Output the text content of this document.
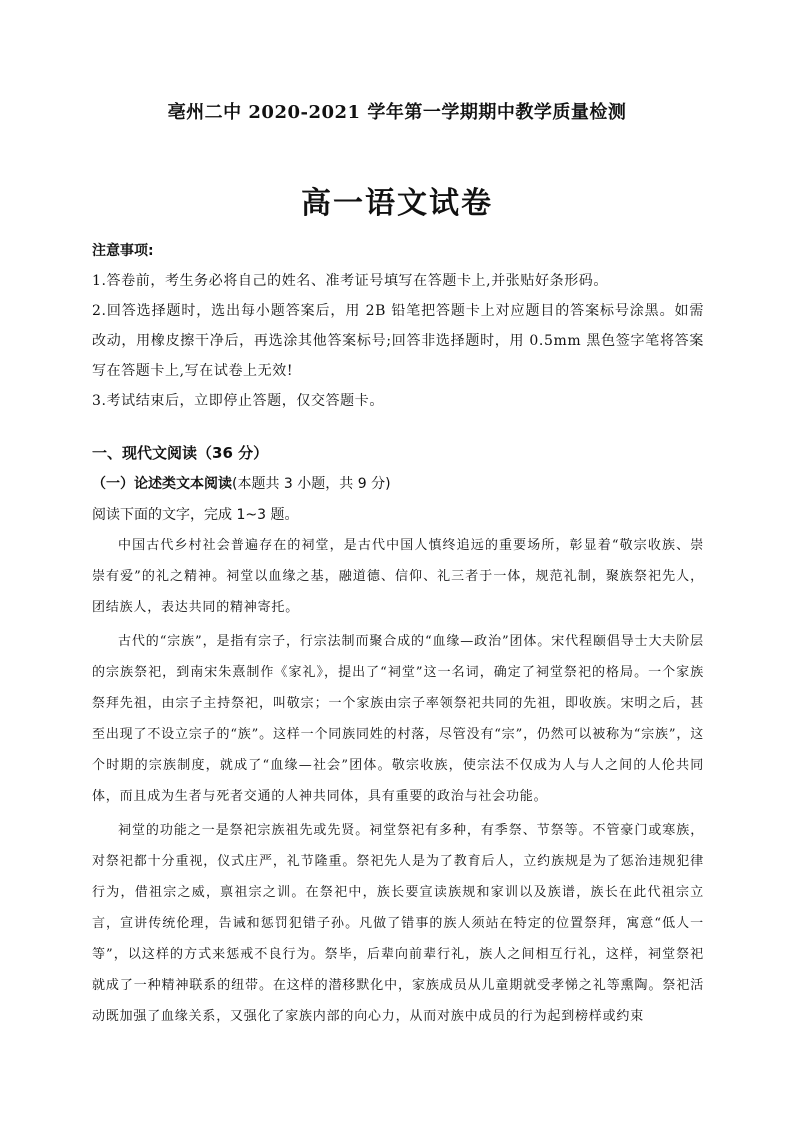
亳州二中 2020-2021 学年第一学期期中教学质量检测
高一语文试卷
注意事项:
1.答卷前，考生务必将自己的姓名、准考证号填写在答题卡上,并张贴好条形码。
2.回答选择题时，选出每小题答案后，用 2B 铅笔把答题卡上对应题目的答案标号涂黑。如需改动，用橡皮擦干净后，再选涂其他答案标号;回答非选择题时，用 0.5mm 黑色签字笔将答案写在答题卡上,写在试卷上无效!
3.考试结束后，立即停止答题，仅交答题卡。
一、现代文阅读（36 分）
（一）论述类文本阅读(本题共 3 小题，共 9 分)
阅读下面的文字，完成 1~3 题。

中国古代乡村社会普遍存在的祠堂，是古代中国人慎终追远的重要场所，彰显着“敬宗收族、崇崇有爱”的礼之精神。祠堂以血缘之基，融道德、信仰、礼三者于一体，规范礼制，聚族祭祀先人，团结族人，表达共同的精神寄托。

古代的“宗族”，是指有宗子，行宗法制而聚合成的“血缘—政治”团体。宋代程颐倡导士大夫阶层的宗族祭祀，到南宋朱熹制作《家礼》，提出了“祠堂”这一名词，确定了祠堂祭祀的格局。一个家族祭拜先祖，由宗子主持祭祀，叫敬宗；一个家族由宗子率领祭祀共同的先祖，即收族。宋明之后，甚至出现了不设立宗子的“族”。这样一个同族同姓的村落，尽管没有“宗”，仍然可以被称为“宗族”，这个时期的宗族制度，就成了“血缘—社会”团体。敬宗收族，使宗法不仅成为人与人之间的人伦共同体，而且成为生者与死者交通的人神共同体，具有重要的政治与社会功能。

祠堂的功能之一是祭祀宗族祖先或先贤。祠堂祭祀有多种，有季祭、节祭等。不管豪门或寒族，对祭祀都十分重视，仪式庄严，礼节隆重。祭祀先人是为了教育后人，立约族规是为了惩治违规犯律行为，借祖宗之威，禀祖宗之训。在祭祀中，族长要宣读族规和家训以及族谱，族长在此代祖宗立言，宣讲传统伦理，告诫和惩罚犯错子孙。凡做了错事的族人须站在特定的位置祭拜，寓意“低人一等”，以这样的方式来惩戒不良行为。祭毕，后辈向前辈行礼，族人之间相互行礼，这样，祠堂祭祀就成了一种精神联系的纽带。在这样的潜移默化中，家族成员从儿童期就受孝悌之礼等熏陶。祭祀活动既加强了血缘关系，又强化了家族内部的向心力，从而对族中成员的行为起到榜样或约束
